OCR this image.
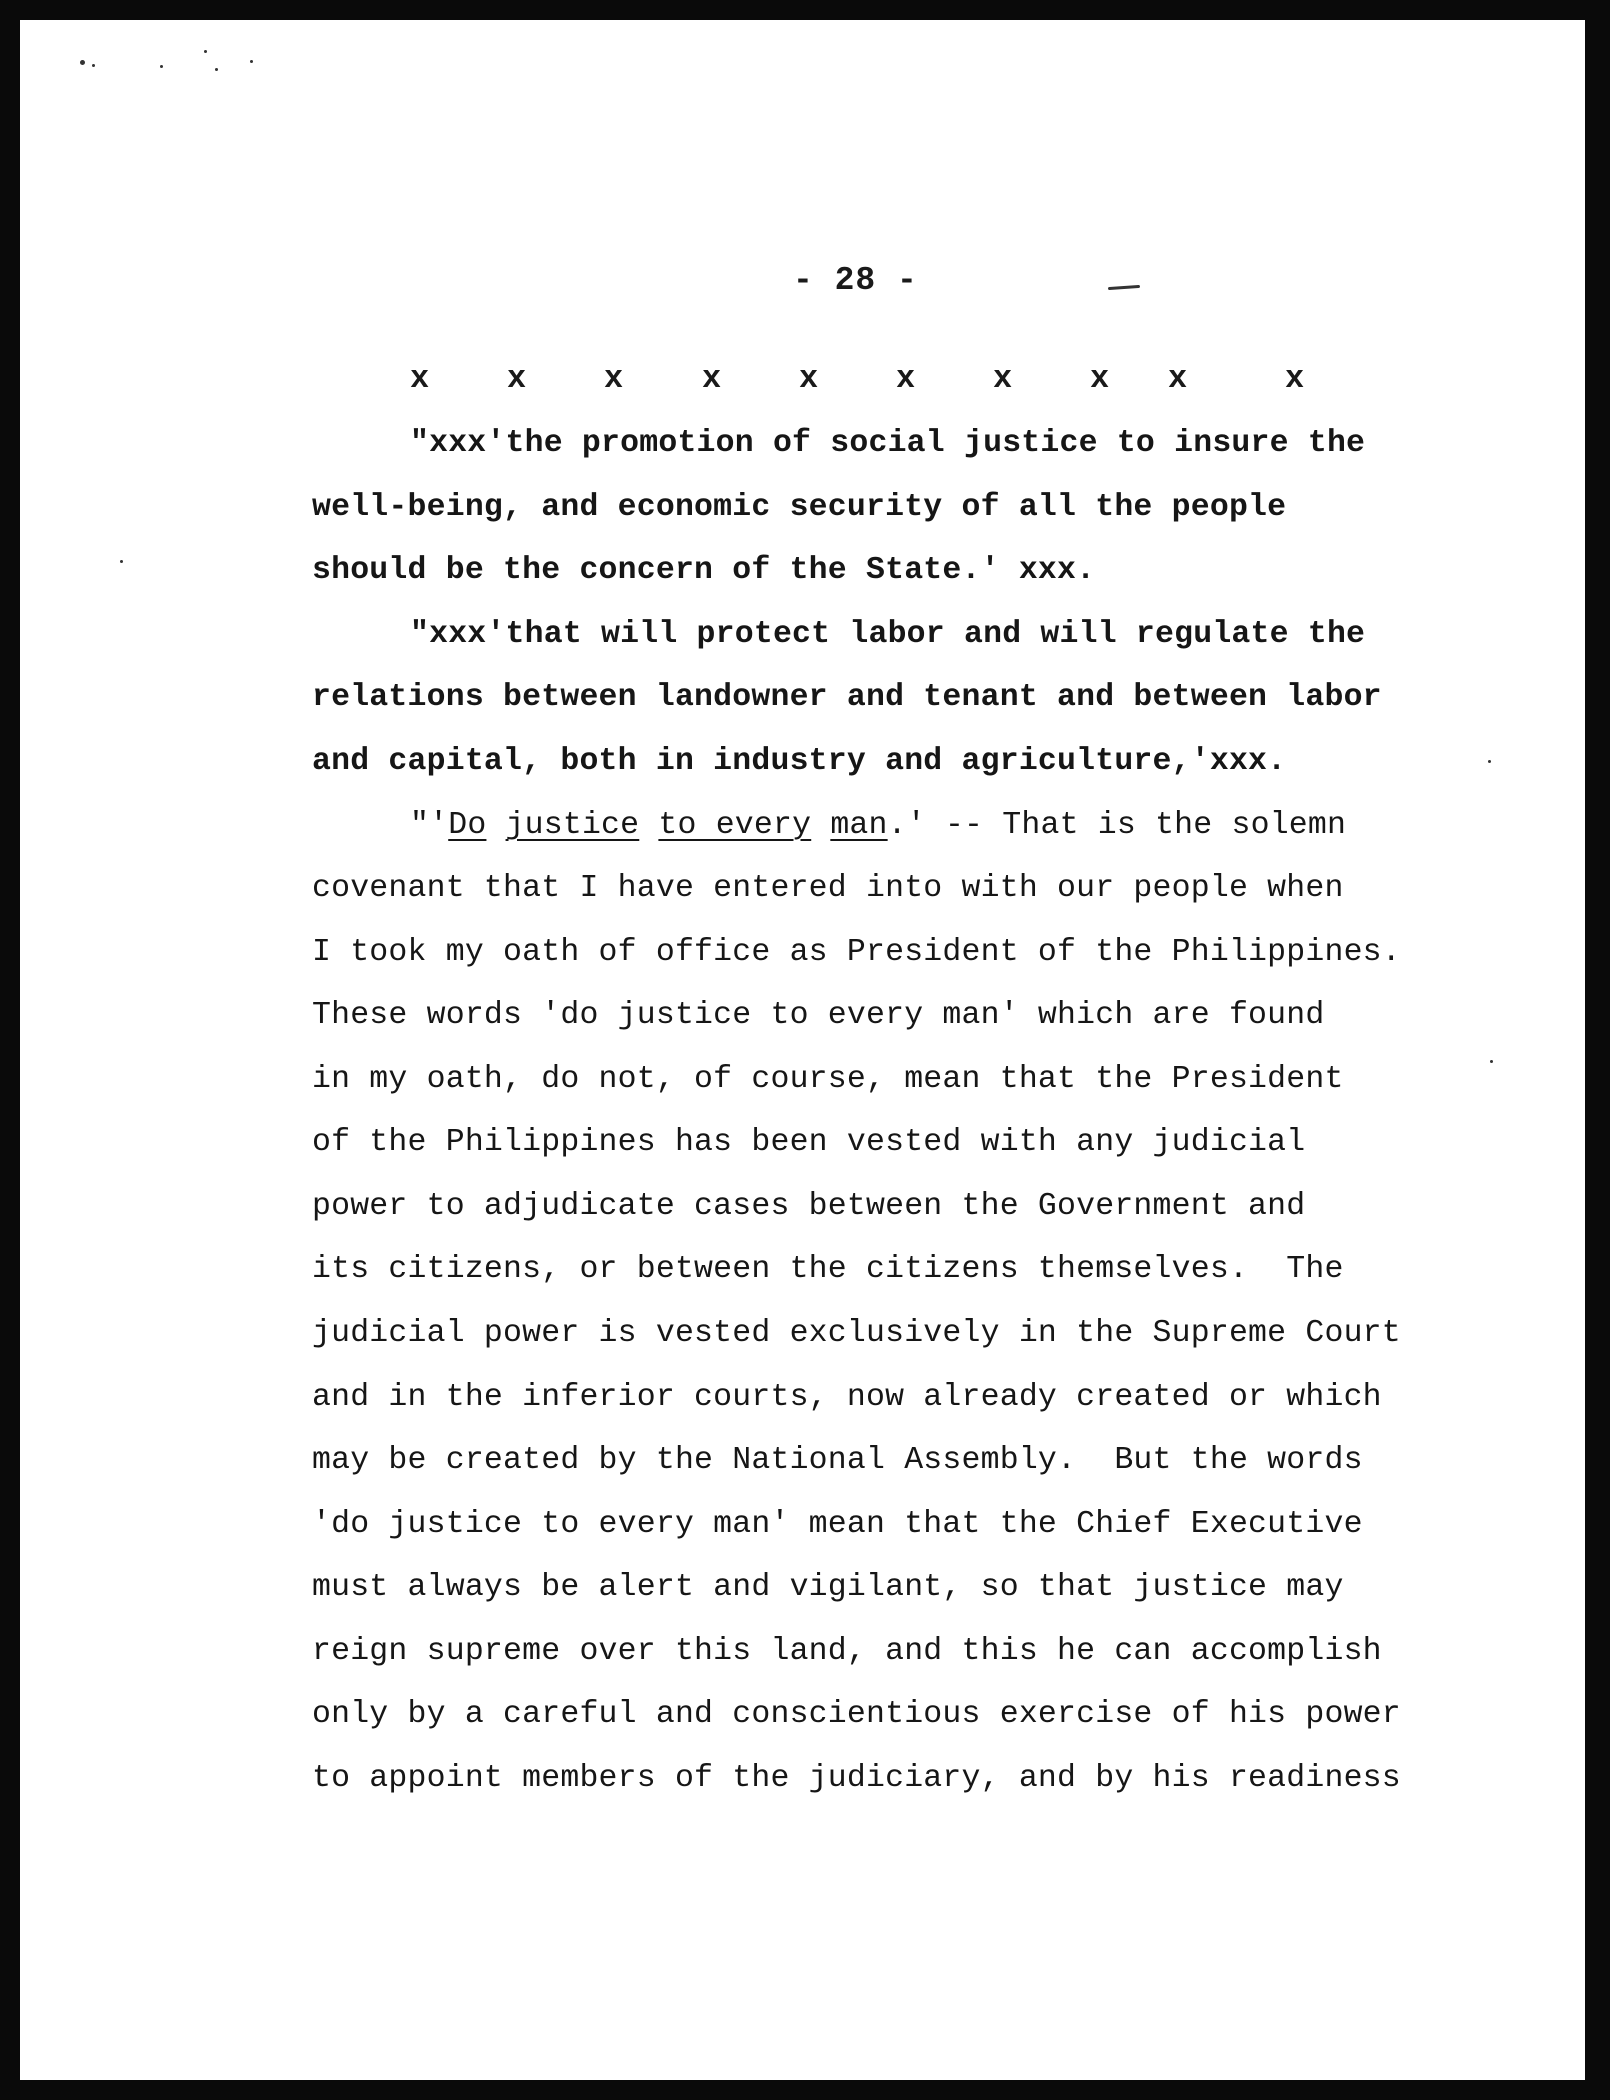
- 28 -
x x x x x x x x x	x
"xxx'the promotion of social justice to insure the
well-being, and economic security of all the people
should be the concern of the State.' xxx.
"xxx'that will protect labor and will regulate the
relations between landowner and tenant and between labor
and capital, both in industry and agriculture,'xxx.
"'Do justice to every man.' -- That is the solemn
covenant that I have entered into with our people when
I took my oath of office as President of the Philippines.
These words 'do justice to every man' which are found
in my oath, do not, of course, mean that the President
of the Philippines has been vested with any judicial
power to adjudicate cases between the Government and
its citizens, or between the citizens themselves.  The
judicial power is vested exclusively in the Supreme Court
and in the inferior courts, now already created or which
may be created by the National Assembly.  But the words
'do justice to every man' mean that the Chief Executive
must always be alert and vigilant, so that justice may
reign supreme over this land, and this he can accomplish
only by a careful and conscientious exercise of his power
to appoint members of the judiciary, and by his readiness
